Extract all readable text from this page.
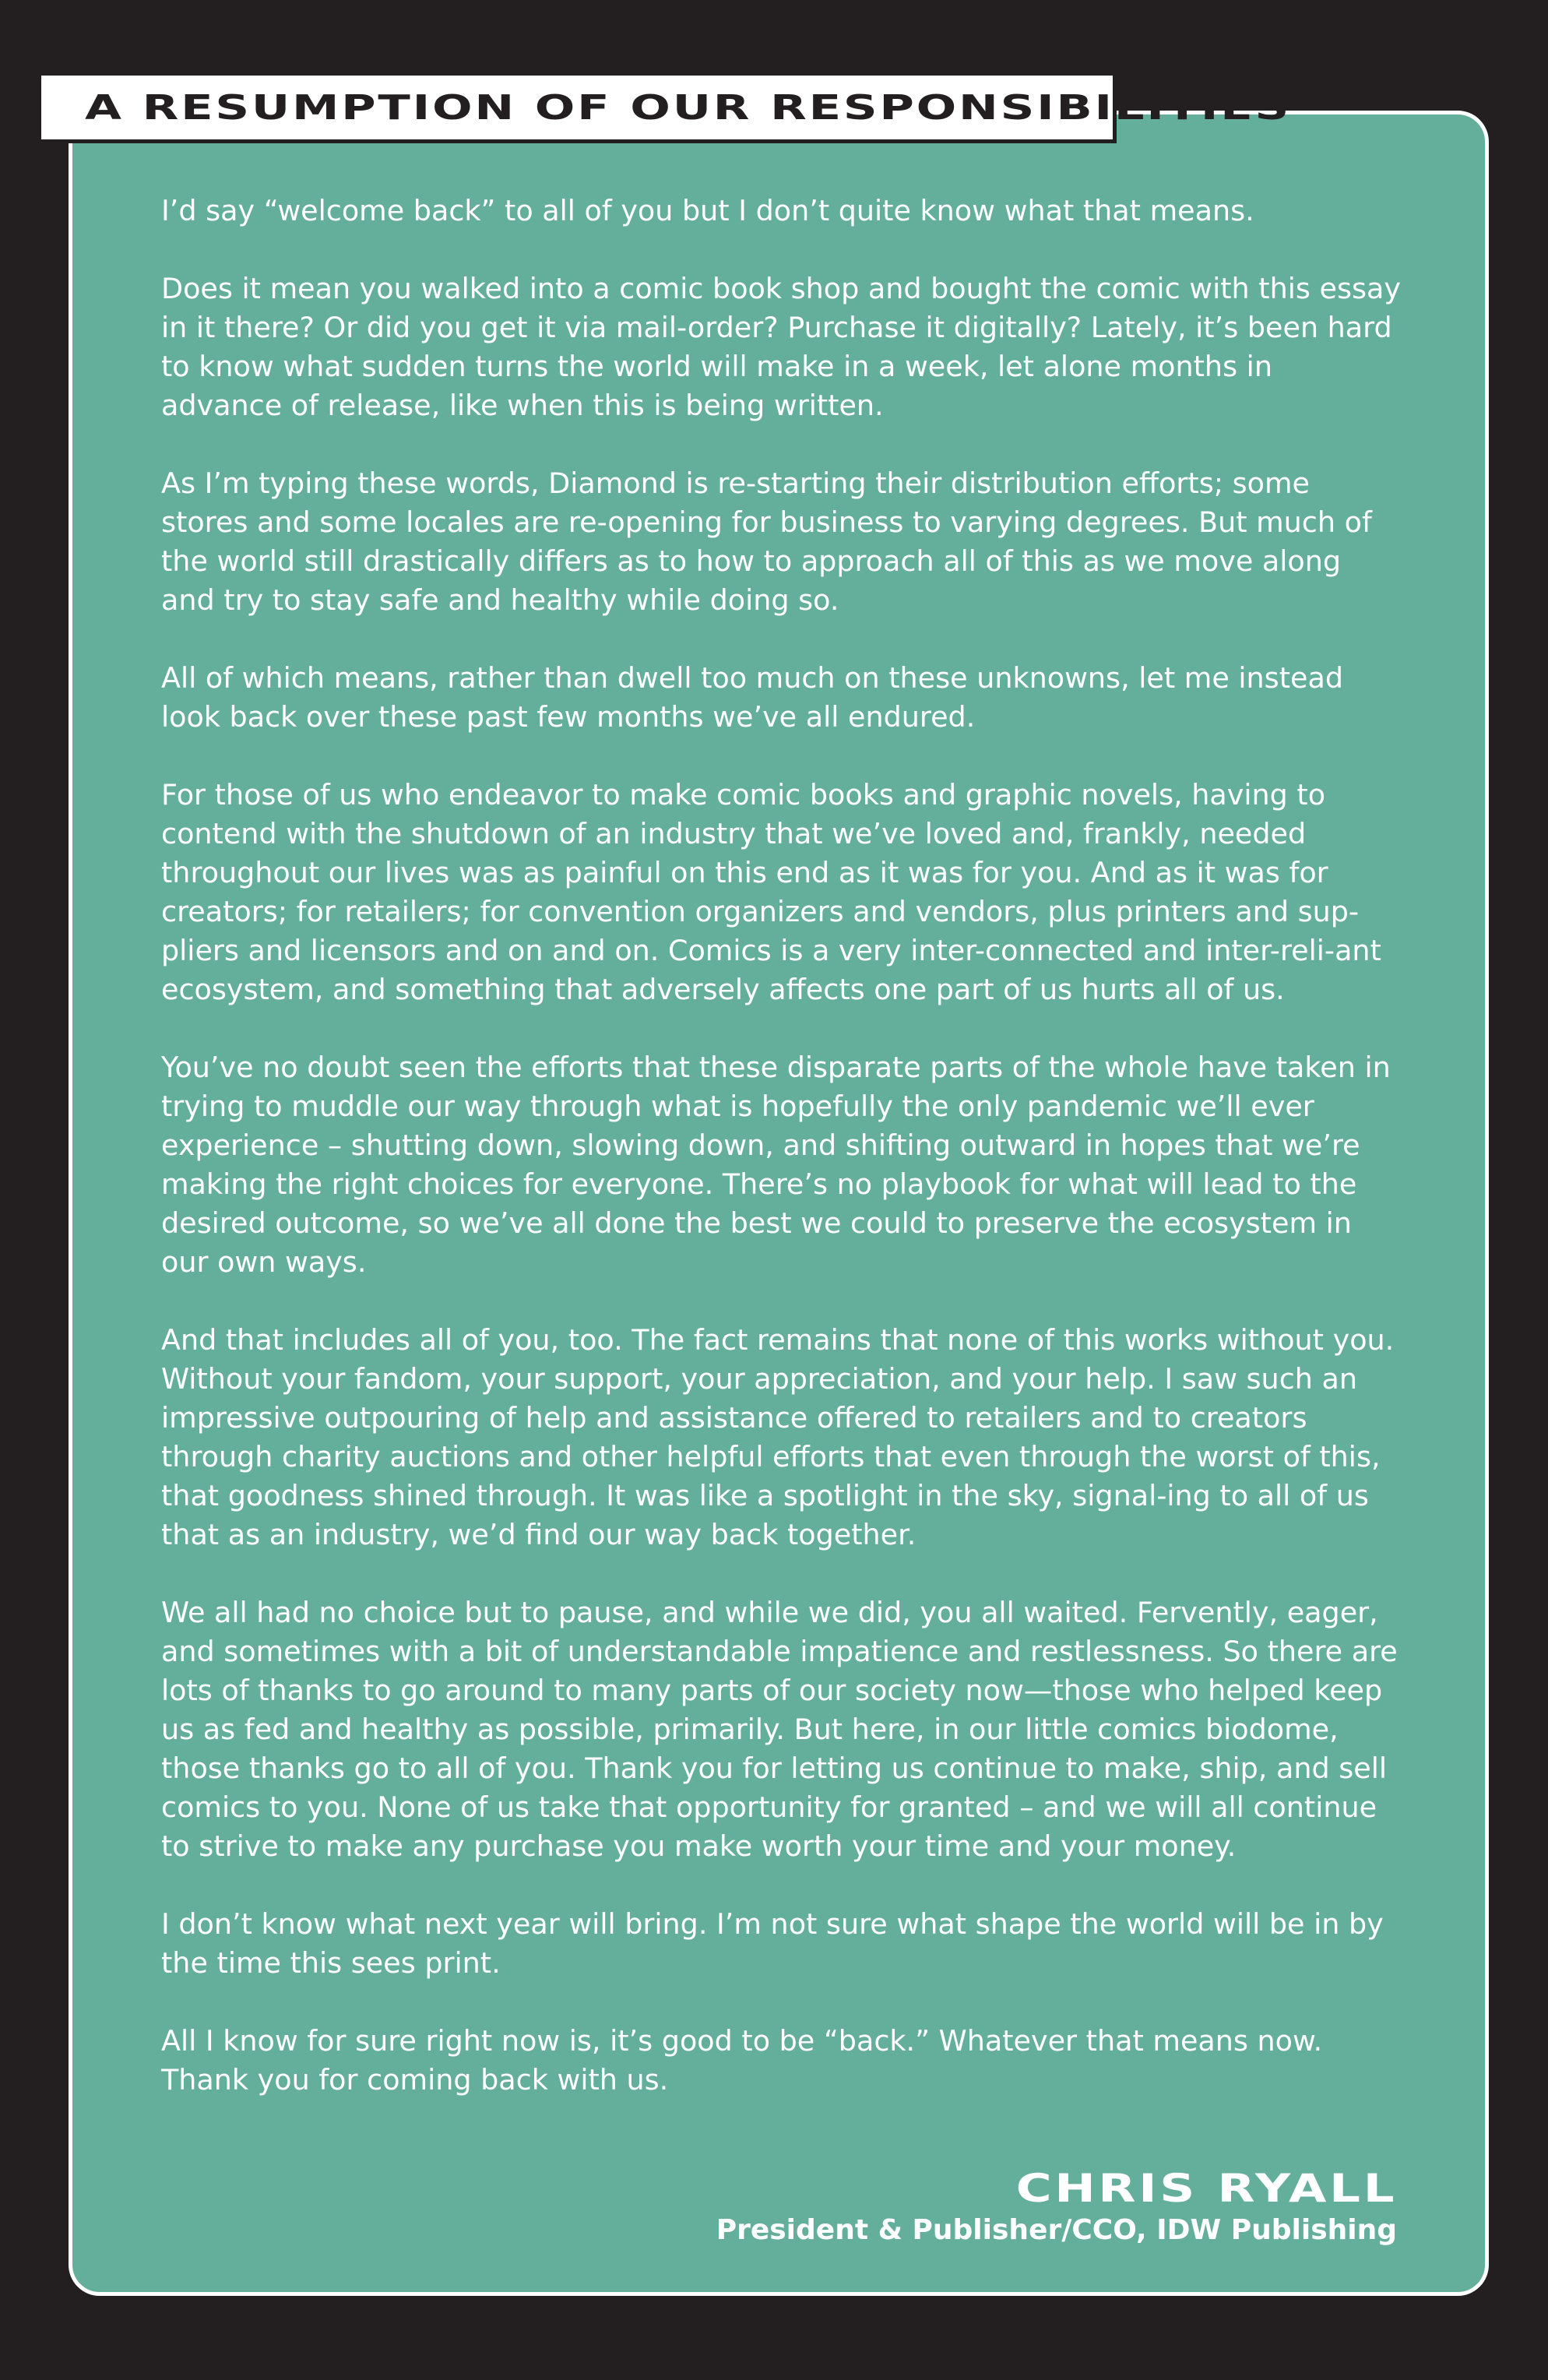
A RESUMPTION OF OUR RESPONSIBILITIES

I’d say “welcome back” to all of you but I don’t quite know what that means.

Does it mean you walked into a comic book shop and bought the comic with this essay in it there? Or did you get it via mail-order? Purchase it digitally? Lately, it’s been hard to know what sudden turns the world will make in a week, let alone months in advance of release, like when this is being written.

As I’m typing these words, Diamond is re-starting their distribution efforts; some stores and some locales are re-opening for business to varying degrees. But much of the world still drastically differs as to how to approach all of this as we move along and try to stay safe and healthy while doing so.

All of which means, rather than dwell too much on these unknowns, let me instead look back over these past few months we’ve all endured.

For those of us who endeavor to make comic books and graphic novels, having to contend with the shutdown of an industry that we’ve loved and, frankly, needed throughout our lives was as painful on this end as it was for you. And as it was for creators; for retailers; for convention organizers and vendors, plus printers and sup-pliers and licensors and on and on. Comics is a very inter-connected and inter-reli-ant ecosystem, and something that adversely affects one part of us hurts all of us.

You’ve no doubt seen the efforts that these disparate parts of the whole have taken in trying to muddle our way through what is hopefully the only pandemic we’ll ever experience – shutting down, slowing down, and shifting outward in hopes that we’re making the right choices for everyone. There’s no playbook for what will lead to the desired outcome, so we’ve all done the best we could to preserve the ecosystem in our own ways.

And that includes all of you, too. The fact remains that none of this works without you. Without your fandom, your support, your appreciation, and your help. I saw such an impressive outpouring of help and assistance offered to retailers and to creators through charity auctions and other helpful efforts that even through the worst of this, that goodness shined through. It was like a spotlight in the sky, signal-ing to all of us that as an industry, we’d find our way back together.

We all had no choice but to pause, and while we did, you all waited. Fervently, eager, and sometimes with a bit of understandable impatience and restlessness. So there are lots of thanks to go around to many parts of our society now—those who helped keep us as fed and healthy as possible, primarily. But here, in our little comics biodome, those thanks go to all of you. Thank you for letting us continue to make, ship, and sell comics to you. None of us take that opportunity for granted – and we will all continue to strive to make any purchase you make worth your time and your money.

I don’t know what next year will bring. I’m not sure what shape the world will be in by the time this sees print.

All I know for sure right now is, it’s good to be “back.” Whatever that means now. Thank you for coming back with us.

CHRIS RYALL
President & Publisher/CCO, IDW Publishing
